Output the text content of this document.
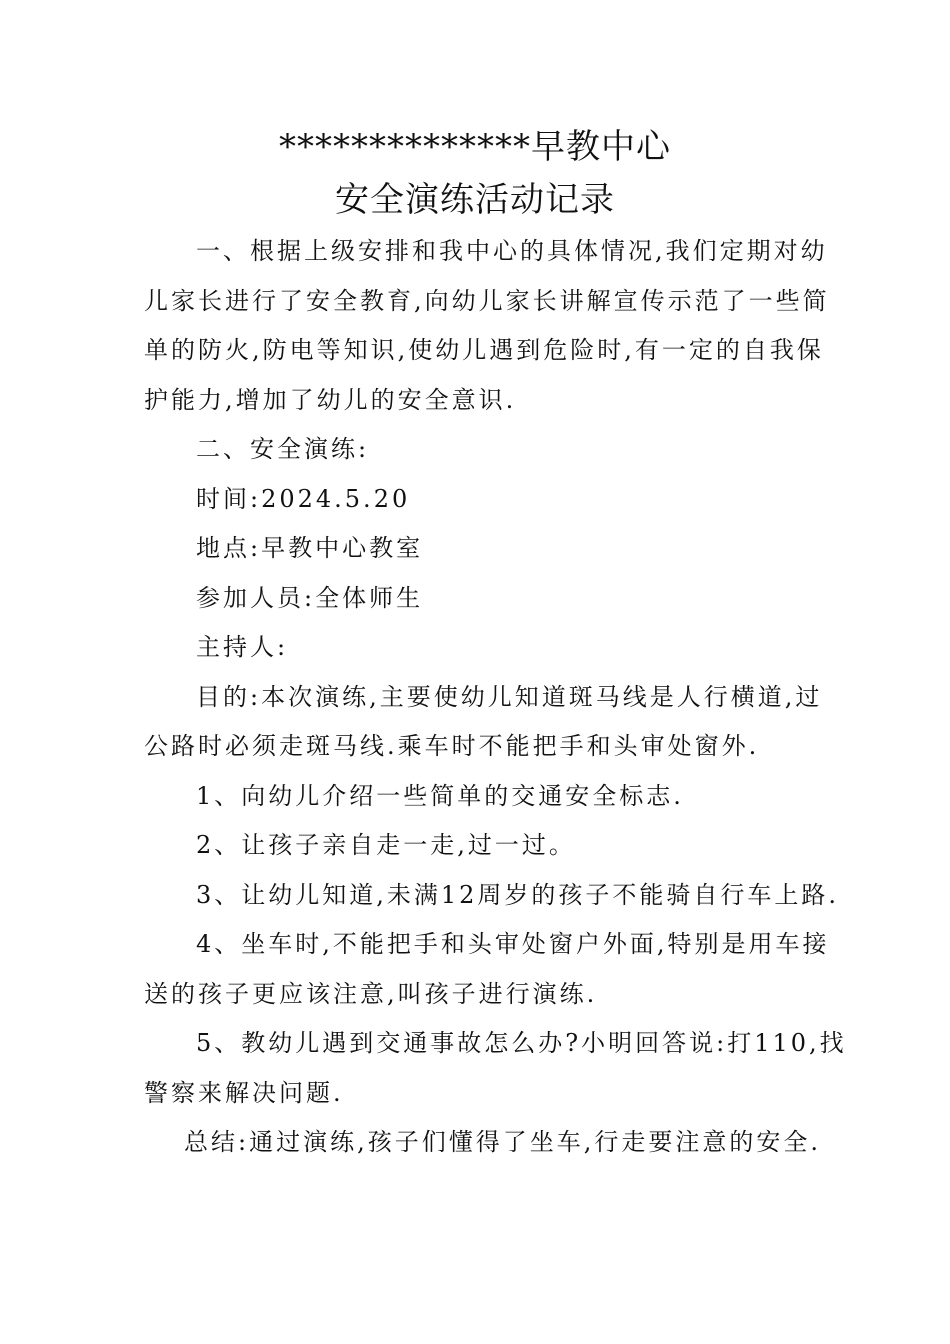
**************早教中心
安全演练活动记录

一、根据上级安排和我中心的具体情况,我们定期对幼

儿家长进行了安全教育,向幼儿家长讲解宣传示范了一些简

单的防火,防电等知识,使幼儿遇到危险时,有一定的自我保

护能力,增加了幼儿的安全意识.

二、安全演练:

时间:2024.5.20

地点:早教中心教室

参加人员:全体师生

主持人:

目的:本次演练,主要使幼儿知道斑马线是人行横道,过

公路时必须走斑马线.乘车时不能把手和头审处窗外.

1、向幼儿介绍一些简单的交通安全标志.

2、让孩子亲自走一走,过一过。

3、让幼儿知道,未满12周岁的孩子不能骑自行车上路.

4、坐车时,不能把手和头审处窗户外面,特别是用车接

送的孩子更应该注意,叫孩子进行演练.

5、教幼儿遇到交通事故怎么办?小明回答说:打110,找

警察来解决问题.

总结:通过演练,孩子们懂得了坐车,行走要注意的安全.
